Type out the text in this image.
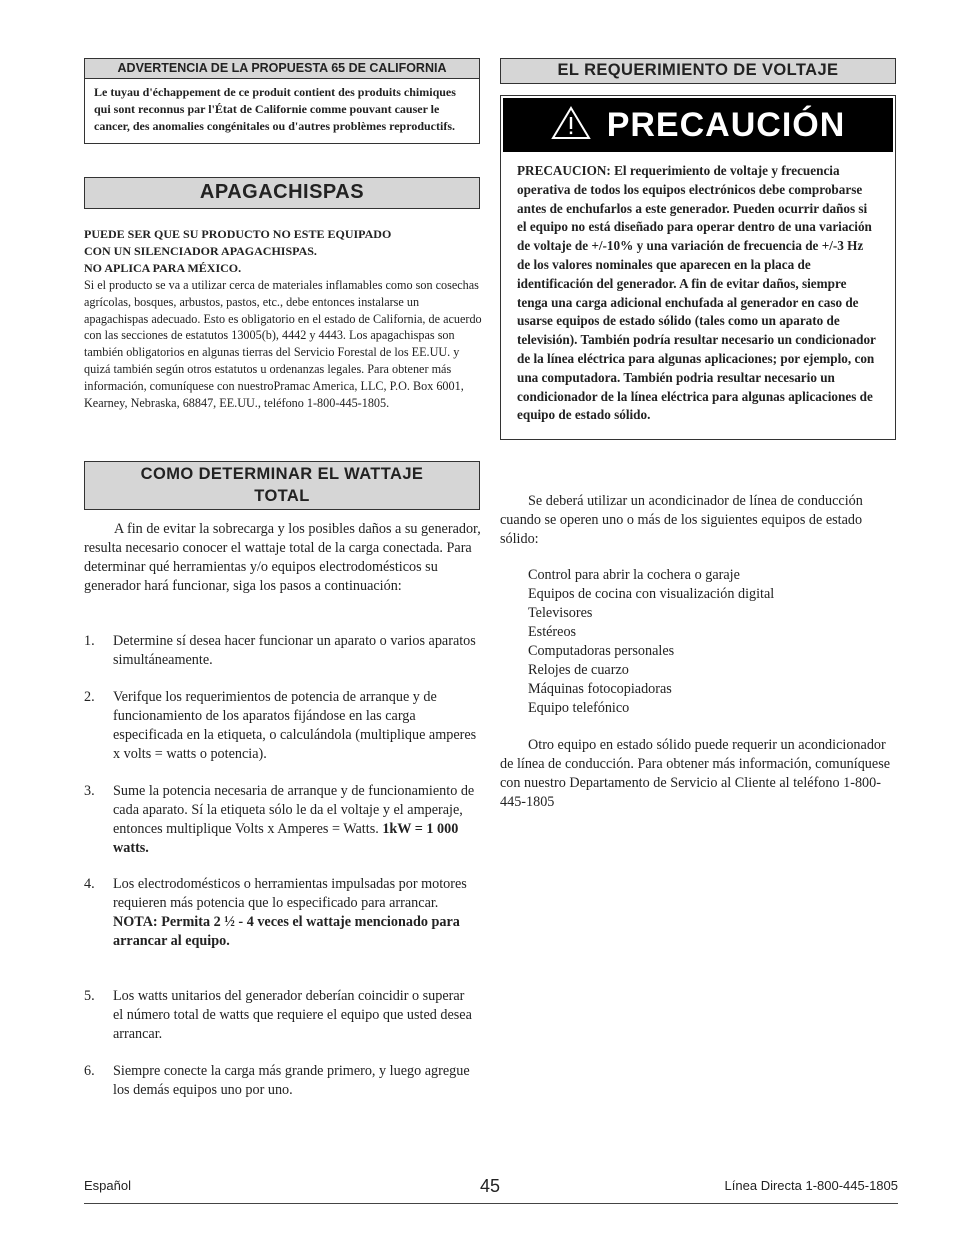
ADVERTENCIA DE LA PROPUESTA 65 DE CALIFORNIA
Le tuyau d'échappement de ce produit contient des produits chimiques qui sont reconnus par l'État de Californie comme pouvant causer le cancer, des anomalies congénitales ou d'autres problèmes reproductifs.
APAGACHISPAS
PUEDE SER QUE SU PRODUCTO NO ESTE EQUIPADO
CON UN SILENCIADOR APAGACHISPAS.
NO APLICA PARA MÉXICO.
Si el producto se va a utilizar cerca de materiales inflamables como son cosechas agrícolas, bosques, arbustos, pastos, etc., debe entonces instalarse un apagachispas adecuado. Esto es obligatorio en el estado de California, de acuerdo con las secciones de estatutos 13005(b), 4442 y 4443. Los apagachispas son también obligatorios en algunas tierras del Servicio Forestal de los EE.UU. y quizá también según otros estatutos u ordenanzas legales. Para obtener más información, comuníquese con nuestroPramac America, LLC, P.O. Box 6001, Kearney, Nebraska, 68847, EE.UU., teléfono 1-800-445-1805.
COMO DETERMINAR EL WATTAJE
TOTAL
A fin de evitar la sobrecarga y los posibles daños a su generador, resulta necesario conocer el wattaje total de la carga conectada. Para determinar qué herramientas y/o equipos electrodomésticos su generador hará funcionar, siga los pasos a continuación:
1. Determine sí desea hacer funcionar un aparato o varios aparatos simultáneamente.
2. Verifque los requerimientos de potencia de arranque y de funcionamiento de los aparatos fijándose en las carga especificada en la etiqueta, o calculándola (multiplique amperes x volts = watts o potencia).
3. Sume la potencia necesaria de arranque y de funcionamiento de cada aparato. Sí la etiqueta sólo le da el voltaje y el amperaje, entonces multiplique Volts x Amperes = Watts. 1kW = 1 000 watts.
4. Los electrodomésticos o herramientas impulsadas por motores requieren más potencia que lo especificado para arrancar.
NOTA: Permita 2 ½ - 4 veces el wattaje mencionado para arrancar al equipo.
5. Los watts unitarios del generador deberían coincidir o superar el número total de watts que requiere el equipo que usted desea arrancar.
6. Siempre conecte la carga más grande primero, y luego agregue los demás equipos uno por uno.
EL REQUERIMIENTO DE VOLTAJE
PRECAUCIÓN
PRECAUCION: El requerimiento de voltaje y frecuencia operativa de todos los equipos electrónicos debe comprobarse antes de enchufarlos a este generador. Pueden ocurrir daños si el equipo no está diseñado para operar dentro de una variación de voltaje de +/-10% y una variación de frecuencia de +/-3 Hz de los valores nominales que aparecen en la placa de identificación del generador. A fin de evitar daños, siempre tenga una carga adicional enchufada al generador en caso de usarse equipos de estado sólido (tales como un aparato de televisión). También podría resultar necesario un condicionador de la línea eléctrica para algunas aplicaciones; por ejemplo, con una computadora. También podria resultar necesario un condicionador de la línea eléctrica para algunas aplicaciones de equipo de estado sólido.
Se deberá utilizar un acondicinador de línea de conducción cuando se operen uno o más de los siguientes equipos de estado sólido:
Control para abrir la cochera o garaje
Equipos de cocina con visualización digital
Televisores
Estéreos
Computadoras personales
Relojes de cuarzo
Máquinas fotocopiadoras
Equipo telefónico
Otro equipo en estado sólido puede requerir un acondicionador de línea de conducción. Para obtener más información, comuníquese con nuestro Departamento de Servicio al Cliente al teléfono 1-800-445-1805
Español	45	Línea Directa 1-800-445-1805
